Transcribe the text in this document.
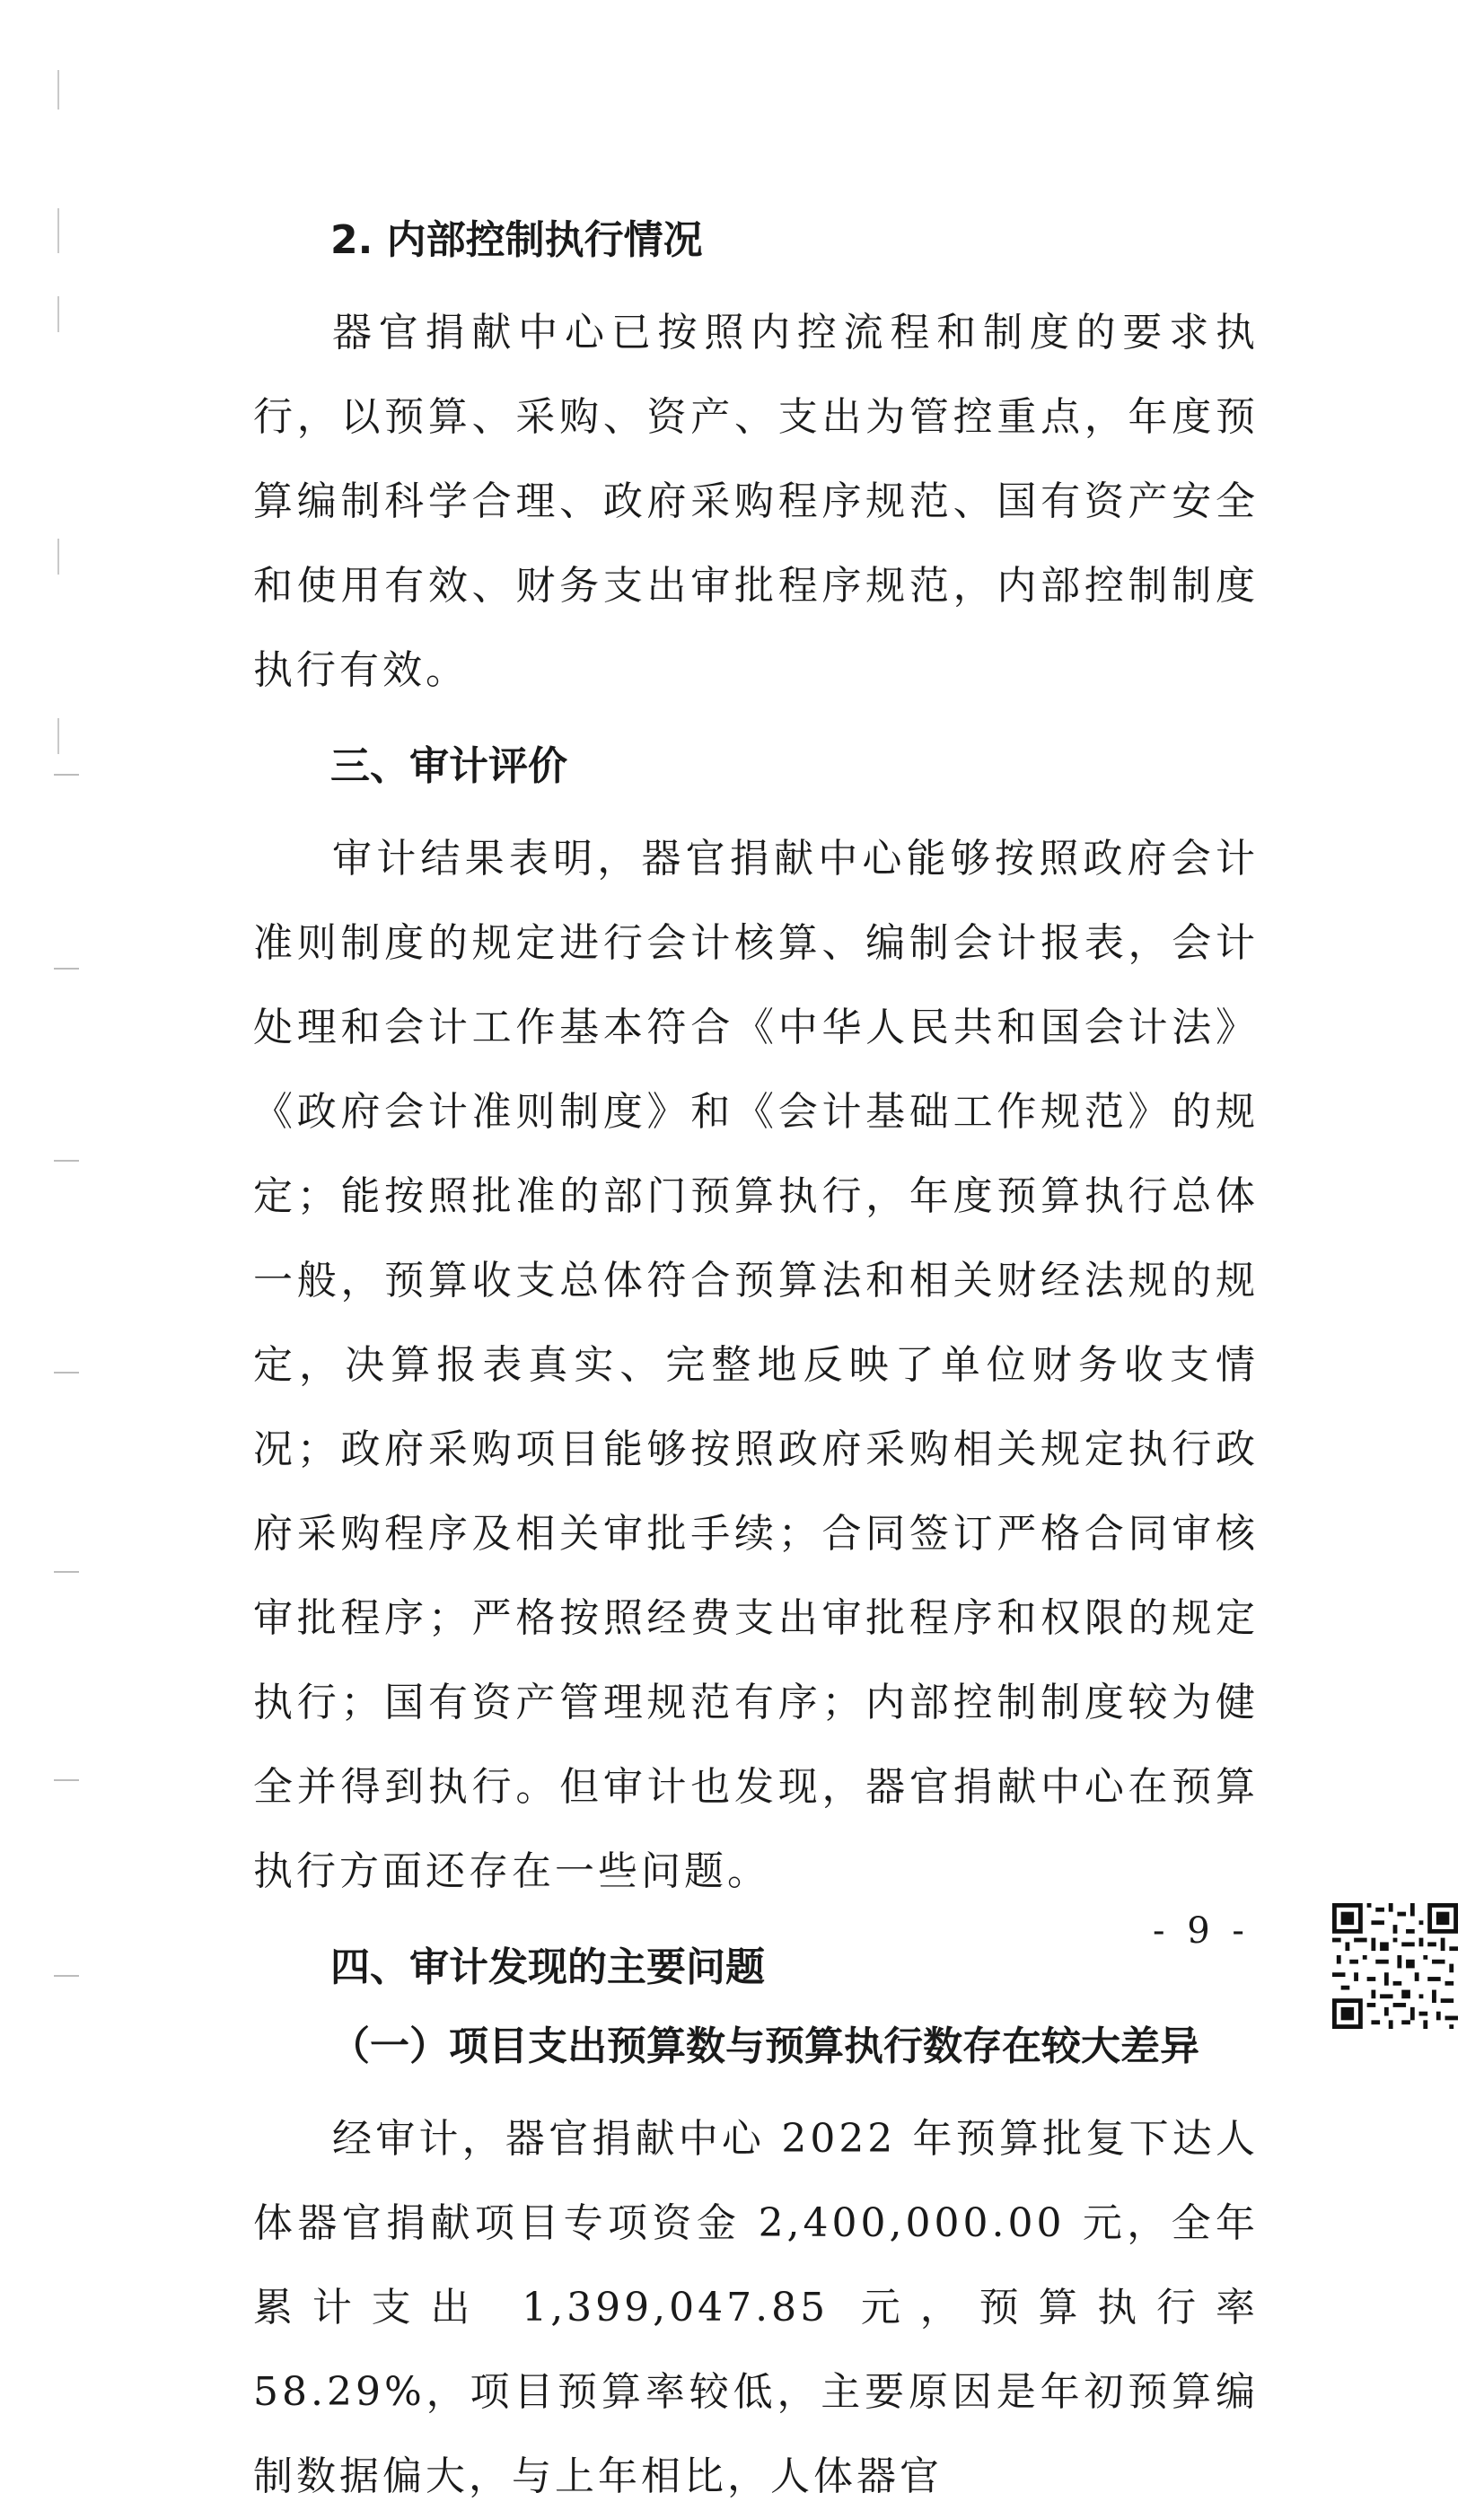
2. 内部控制执行情况

器官捐献中心已按照内控流程和制度的要求执行，以预算、采购、资产、支出为管控重点，年度预算编制科学合理、政府采购程序规范、国有资产安全和使用有效、财务支出审批程序规范，内部控制制度执行有效。

三、审计评价

审计结果表明，器官捐献中心能够按照政府会计准则制度的规定进行会计核算、编制会计报表，会计处理和会计工作基本符合《中华人民共和国会计法》《政府会计准则制度》和《会计基础工作规范》的规定；能按照批准的部门预算执行，年度预算执行总体一般，预算收支总体符合预算法和相关财经法规的规定，决算报表真实、完整地反映了单位财务收支情况；政府采购项目能够按照政府采购相关规定执行政府采购程序及相关审批手续；合同签订严格合同审核审批程序；严格按照经费支出审批程序和权限的规定执行；国有资产管理规范有序；内部控制制度较为健全并得到执行。但审计也发现，器官捐献中心在预算执行方面还存在一些问题。

四、审计发现的主要问题

（一）项目支出预算数与预算执行数存在较大差异

经审计，器官捐献中心 2022 年预算批复下达人体器官捐献项目专项资金 2,400,000.00 元，全年累计支出 1,399,047.85 元，预算执行率 58.29%，项目预算率较低，主要原因是年初预算编制数据偏大，与上年相比，人体器官

- 9 -
